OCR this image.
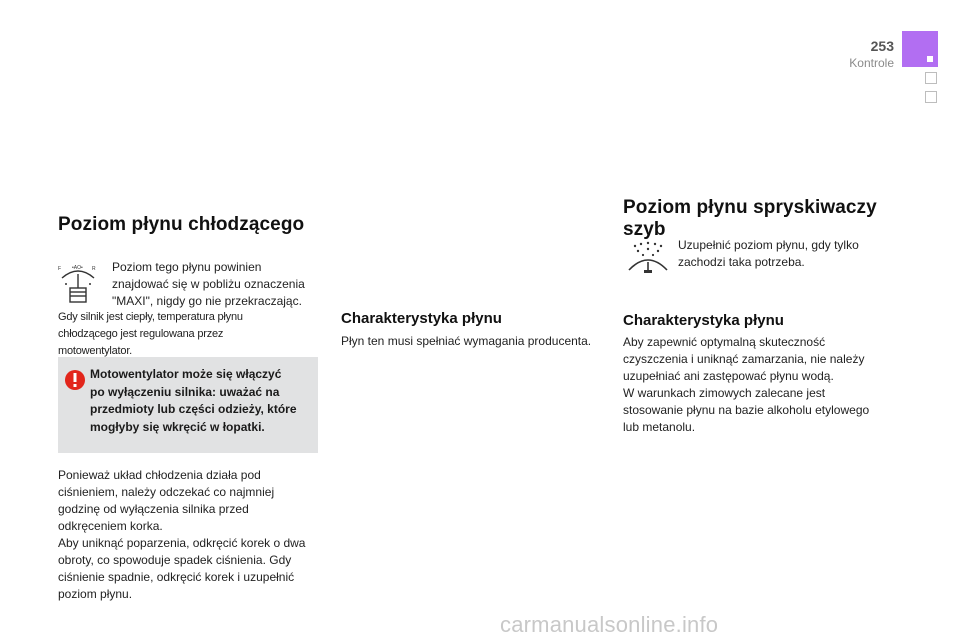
253
Kontrole
Poziom płynu chłodzącego
F •AO• R Poziom tego płynu powinien

znajdować się w pobliżu oznaczenia

"MAXI", nigdy go nie przekraczając.

Gdy silnik jest ciepły, temperatura płynu
chłodzącego jest regulowana przez
motowentylator.
Motowentylator może się włączyć
po wyłączeniu silnika: uważać na
przedmioty lub części odzieży, które
mogłyby się wkręcić w łopatki.

Ponieważ układ chłodzenia działa pod

ciśnieniem, należy odczekać co najmniej

godzinę od wyłączenia silnika przed

odkręceniem korka.

Aby uniknąć poparzenia, odkręcić korek o dwa

obroty, co spowoduje spadek ciśnienia. Gdy

ciśnienie spadnie, odkręcić korek i uzupełnić

poziom płynu.

Charakterystyka płynu

Płyn ten musi spełniać wymagania producenta.

Poziom płynu spryskiwaczy
szyb

Uzupełnić poziom płynu, gdy tylko

zachodzi taka potrzeba.

Charakterystyka płynu

Aby zapewnić optymalną skuteczność

czyszczenia i uniknąć zamarzania, nie należy

uzupełniać ani zastępować płynu wodą.

W warunkach zimowych zalecane jest

stosowanie płynu na bazie alkoholu etylowego

lub metanolu.

carmanualsonline.info
